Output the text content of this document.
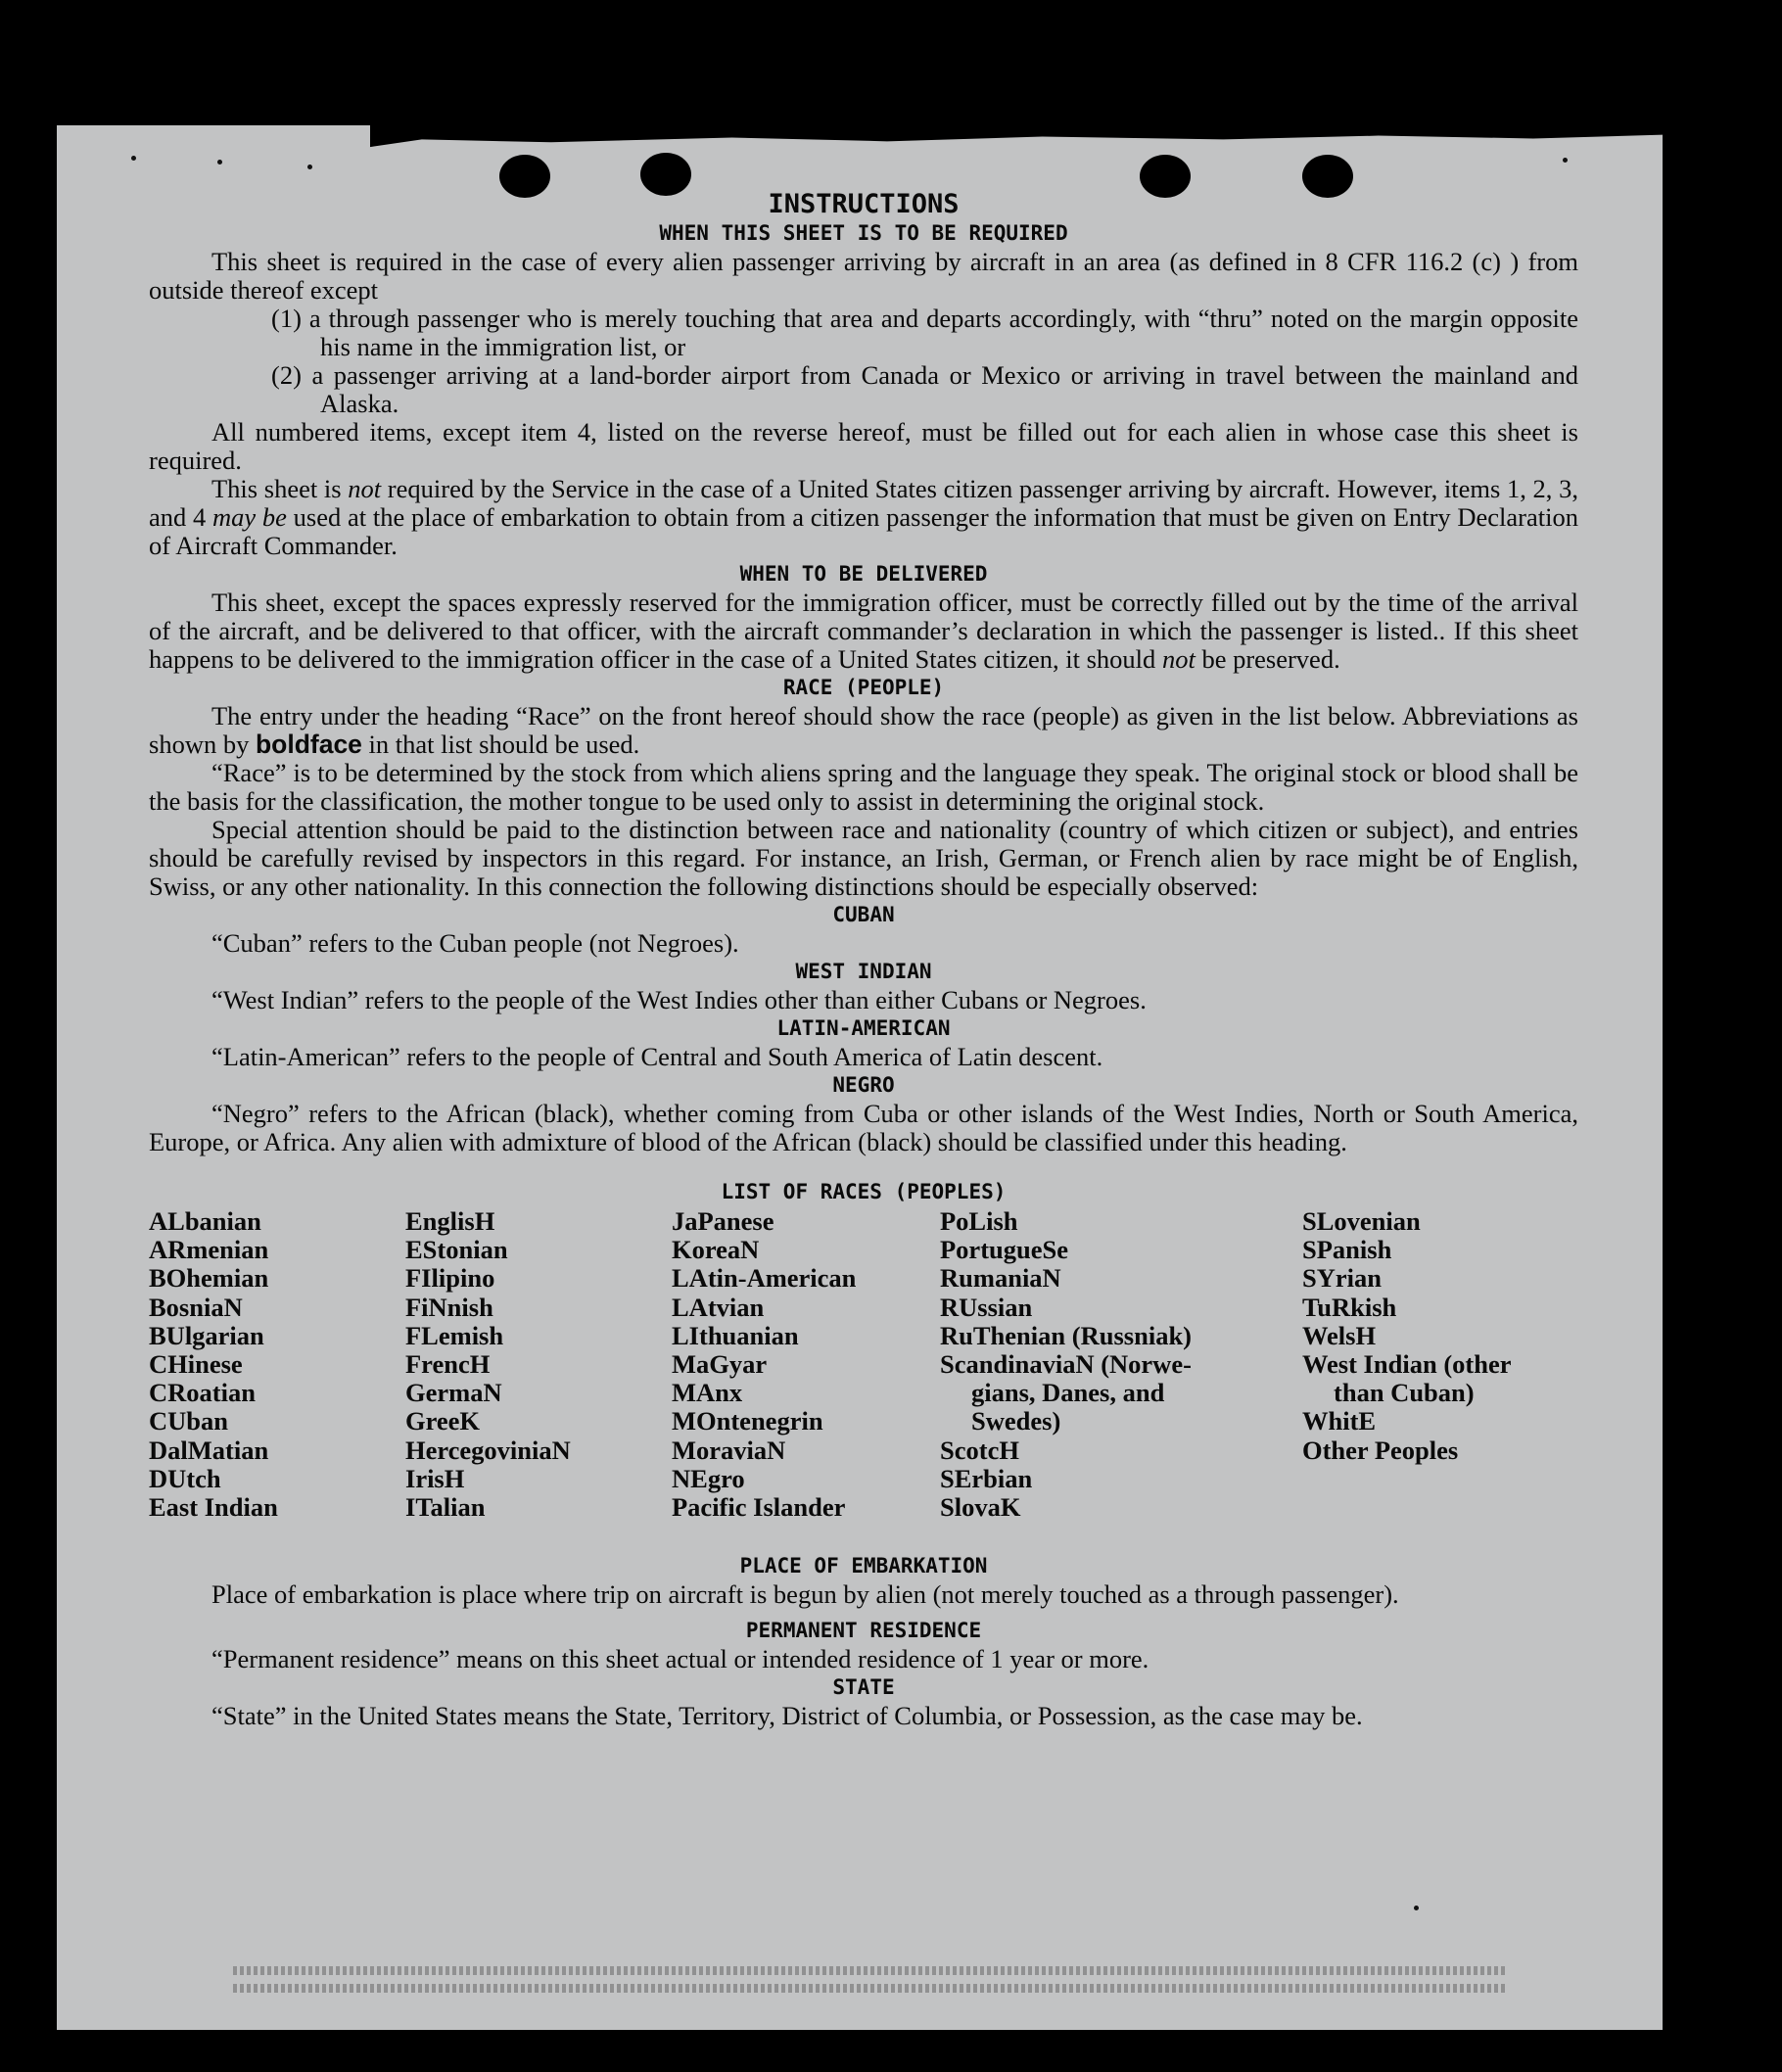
INSTRUCTIONS
WHEN THIS SHEET IS TO BE REQUIRED

This sheet is required in the case of every alien passenger arriving by aircraft in an area (as defined in 8 CFR 116.2 (c) ) from outside thereof except

(1) a through passenger who is merely touching that area and departs accordingly, with “thru” noted on the margin opposite his name in the immigration list, or

(2) a passenger arriving at a land-border airport from Canada or Mexico or arriving in travel between the mainland and Alaska.

All numbered items, except item 4, listed on the reverse hereof, must be filled out for each alien in whose case this sheet is required.

This sheet is not required by the Service in the case of a United States citizen passenger arriving by aircraft. However, items 1, 2, 3, and 4 may be used at the place of embarkation to obtain from a citizen passenger the information that must be given on Entry Declaration of Aircraft Commander.

WHEN TO BE DELIVERED

This sheet, except the spaces expressly reserved for the immigration officer, must be correctly filled out by the time of the arrival of the aircraft, and be delivered to that officer, with the aircraft commander’s declaration in which the passenger is listed.. If this sheet happens to be delivered to the immigration officer in the case of a United States citizen, it should not be preserved.

RACE (PEOPLE)

The entry under the heading “Race” on the front hereof should show the race (people) as given in the list below. Abbreviations as shown by boldface in that list should be used.

“Race” is to be determined by the stock from which aliens spring and the language they speak. The original stock or blood shall be the basis for the classification, the mother tongue to be used only to assist in determining the original stock.

Special attention should be paid to the distinction between race and nationality (country of which citizen or subject), and entries should be carefully revised by inspectors in this regard. For instance, an Irish, German, or French alien by race might be of English, Swiss, or any other nationality. In this connection the following distinctions should be especially observed:

CUBAN

“Cuban” refers to the Cuban people (not Negroes).

WEST INDIAN

“West Indian” refers to the people of the West Indies other than either Cubans or Negroes.

LATIN-AMERICAN

“Latin-American” refers to the people of Central and South America of Latin descent.

NEGRO

“Negro” refers to the African (black), whether coming from Cuba or other islands of the West Indies, North or South America, Europe, or Africa. Any alien with admixture of blood of the African (black) should be classified under this heading.

LIST OF RACES (PEOPLES)
ALbanian
ARmenian
BOhemian
BosniaN
BUlgarian
CHinese
CRoatian
CUban
DalMatian
DUtch
East Indian
EnglisH
EStonian
FIlipino
FiNnish
FLemish
FrencH
GermaN
GreeK
HercegovinіaN
IrisH
ITalian
JaPanese
KoreaN
LAtin-American
LAtvian
LIthuanian
MaGyar
MAnx
MOntenegrin
MoraviaN
NEgro
Pacific Islander
PoLish
PortugueSe
RumaniaN
RUssian
RuThenian (Russniak)
ScandinaviaN (Norwe-
gians, Danes, and
Swedes)
ScotcH
SErbian
SlovaK
SLovenian
SPanish
SYrian
TuRkish
WelsH
West Indian (other
than Cuban)
WhitE
Other Peoples
PLACE OF EMBARKATION

Place of embarkation is place where trip on aircraft is begun by alien (not merely touched as a through passenger).

PERMANENT RESIDENCE

“Permanent residence” means on this sheet actual or intended residence of 1 year or more.

STATE

“State” in the United States means the State, Territory, District of Columbia, or Possession, as the case may be.
